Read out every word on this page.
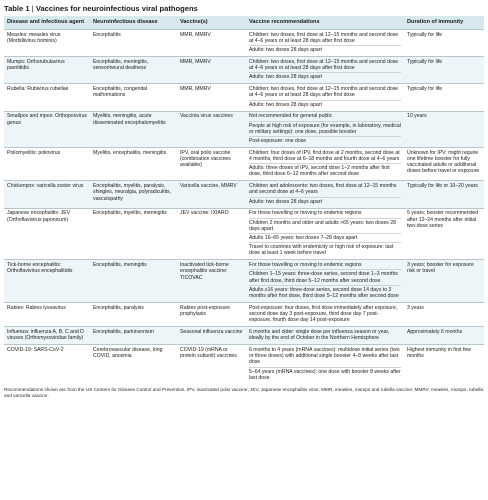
Table 1 | Vaccines for neuroinfectious viral pathogens
Disease and infectious agent	Neuroinfectious disease	Vaccine(s)	Vaccine recommendations	Duration of immunity
Measles: measles virus (Morbillivirus hominis)	Encephalitis	MMR, MMRV	Children: two doses, first dose at 12–15 months and second dose at 4–6 years or at least 28 days after first dose
Adults: two doses 28 days apart	Typically for life
Mumps: Orthorubulavirus parotitidis	Encephalitis, meningitis, sensorineural deafness	MMR, MMRV	Children: two doses, first dose at 12–15 months and second dose at 4–6 years or at least 28 days after first dose
Adults: two doses 28 days apart	Typically for life
Rubella: Rubivirus rubellae	Encephalitis, congenital malformations	MMR, MMRV	Children: two doses, first dose at 12–15 months and second dose at 4–6 years or at least 28 days after first dose
Adults: two doses 28 days apart	Typically for life
Smallpox and mpox: Orthopoxvirus genus	Myelitis, meningitis, acute disseminated encephalomyelitis	Vaccinia virus vaccines	Not recommended for general public
People at high risk of exposure (for example, in laboratory, medical or military settings): one dose, possible booster
Post-exposure: one dose	10 years
Poliomyelitis: poliovirus	Myelitis, encephalitis, meningitis	IPV, oral polio vaccine (combination vaccines available)	Children: four doses of IPV, first dose at 2 months, second dose at 4 months, third dose at 6–18 months and fourth dose at 4–6 years
Adults: three doses of IPV, second dose 1–2 months after first dose, third dose 6–12 months after second dose	Unknown for IPV: might require one lifetime booster for fully vaccinated adults or additional doses before travel or exposure
Chickenpox: varicella zoster virus	Encephalitis, myelitis, paralysis, shingles, neuralgia, polyradiculitis, vasculopathy	Varicella vaccine, MMRV	Children and adolescents: two doses, first dose at 12–15 months and second dose at 4–6 years
Adults: two doses 28 days apart	Typically for life or 10–20 years
Japanese encephalitis: JEV (Orthoflavivirus japonicum)	Encephalitis, myelitis, meningitis	JEV vaccine: IXIARO	For those travelling or moving to endemic regions
Children 2 months and older and adults >65 years: two doses 28 days apart
Adults 16–65 years: two doses 7–28 days apart
Travel to countries with endemicity or high risk of exposure: last dose at least 1 week before travel	5 years; booster recommended after 12–24 months after initial two-dose series
Tick-borne encephalitis: Orthoflavivirus encephalitidis	Encephalitis, meningitis	Inactivated tick-borne encephalitis vaccine: TICOVAC	For those travelling or moving to endemic regions
Children 1–15 years: three-dose series, second dose 1–3 months after first dose, third dose 5–12 months after second dose
Adults ≥16 years: three-dose series, second dose 14 days to 3 months after first dose, third dose 5–12 months after second dose	3 years; booster for exposure risk or travel
Rabies: Rabies lyssavirus	Encephalitis, paralysis	Rabies post-exposure prophylaxis	Post-exposure: four doses, first dose immediately after exposure, second dose day 3 post-exposure, third dose day 7 post-exposure, fourth dose day 14 post-exposure	3 years
Influenza: influenza A, B, C and D viruses (Orthomyxoviridae family)	Encephalitis, parkinsonism	Seasonal influenza vaccine	6 months and older: single dose per influenza season or year, ideally by the end of October in the Northern Hemisphere	Approximately 6 months
COVID-19: SARS-CoV-2	Cerebrovascular disease, long COVID, anosmia	COVID-19 (mRNA or protein subunit) vaccines	6 months to 4 years (mRNA vaccines): multidose initial series (two or three doses) with additional single booster 4–8 weeks after last dose
5–64 years (mRNA vaccines): one dose with booster 8 weeks after last dose	Highest immunity in first few months
Recommendations shown are from the US Centers for Disease Control and Prevention. IPV, inactivated polio vaccine; JEV, Japanese encephalitis virus; MMR, measles, mumps and rubella vaccine; MMRV, measles, mumps, rubella and varicella vaccine.
